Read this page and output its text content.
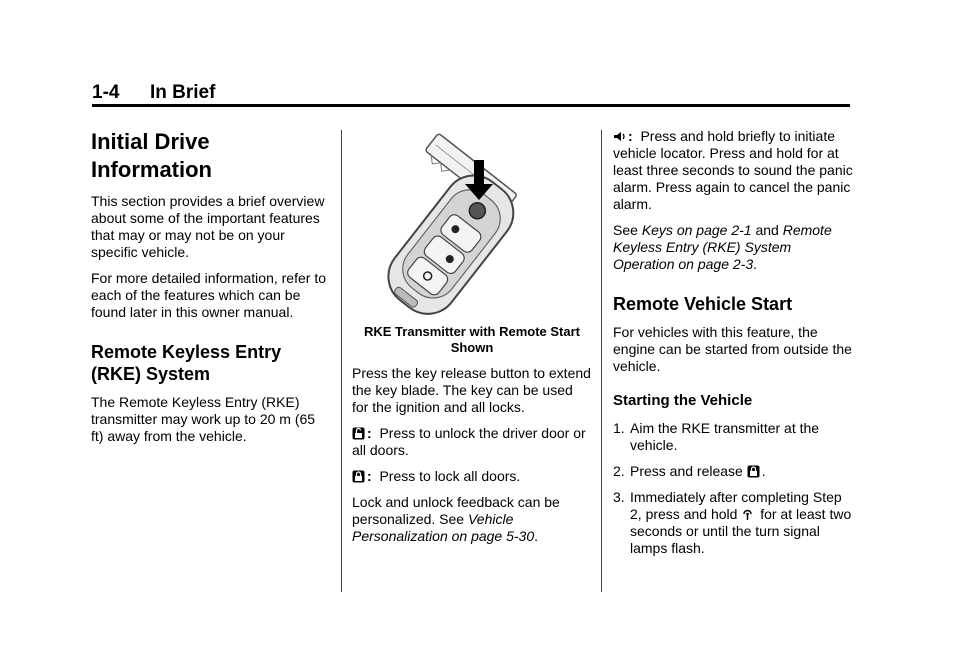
1-4 In Brief
Initial Drive Information

This section provides a brief overview about some of the important features that may or may not be on your specific vehicle.

For more detailed information, refer to each of the features which can be found later in this owner manual.

Remote Keyless Entry (RKE) System

The Remote Keyless Entry (RKE) transmitter may work up to 20 m (65 ft) away from the vehicle.

RKE Transmitter with Remote Start Shown

Press the key release button to extend the key blade. The key can be used for the ignition and all locks.

: Press to unlock the driver door or all doors.

: Press to lock all doors.

Lock and unlock feedback can be personalized. See Vehicle Personalization on page 5-30.

: Press and hold briefly to initiate vehicle locator. Press and hold for at least three seconds to sound the panic alarm. Press again to cancel the panic alarm.

See Keys on page 2-1 and Remote Keyless Entry (RKE) System Operation on page 2-3.

Remote Vehicle Start

For vehicles with this feature, the engine can be started from outside the vehicle.

Starting the Vehicle
1. Aim the RKE transmitter at the vehicle.
2. Press and release .
3. Immediately after completing Step 2, press and hold for at least two seconds or until the turn signal lamps flash.
